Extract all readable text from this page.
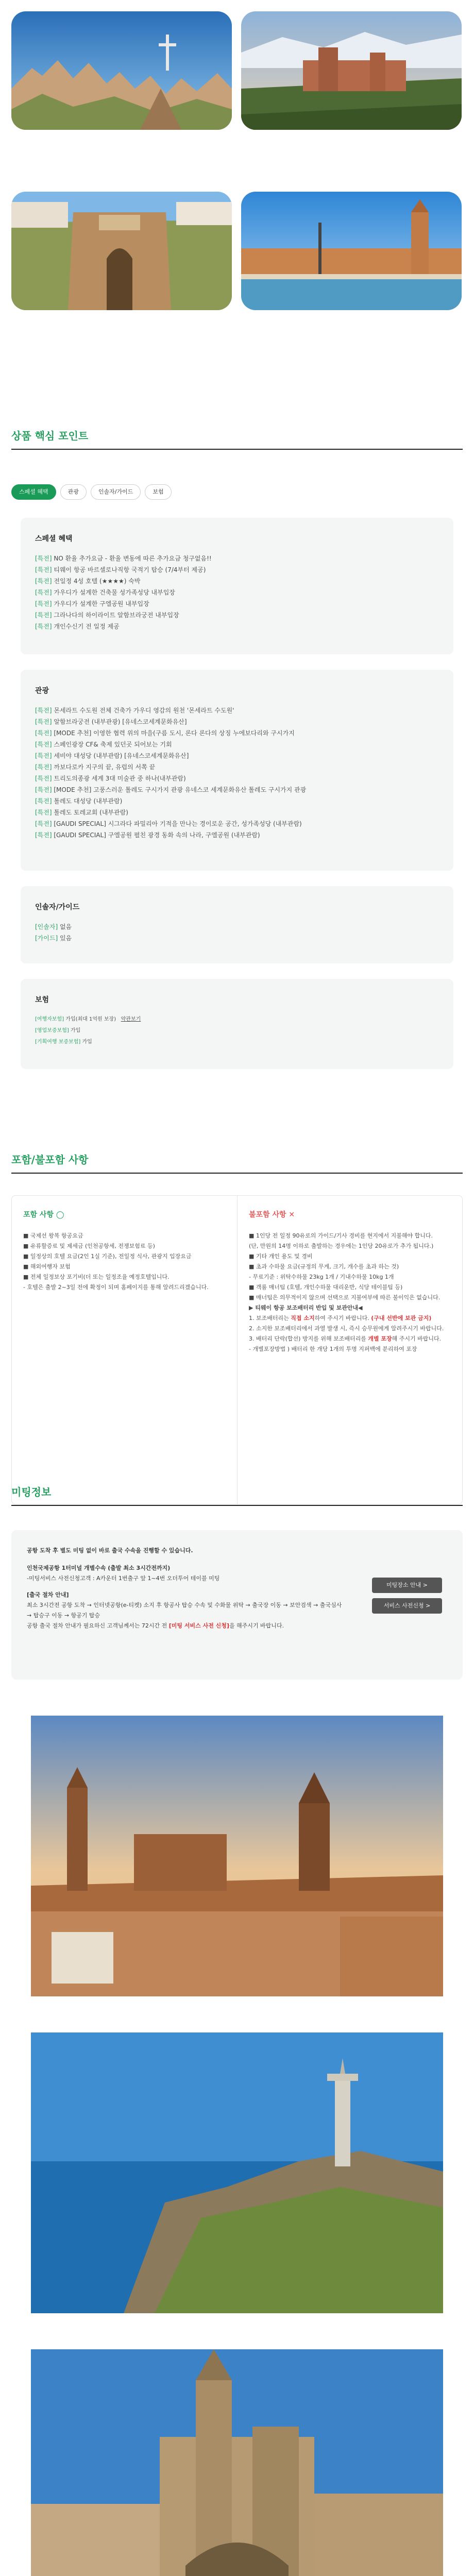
상품 핵심 포인트
스페셜 혜택	관광	인솔자/가이드	보험
스페셜 혜택
[특전] NO 환율 추가요금 - 환율 변동에 따른 추가요금 청구없음!!
[특전] 티웨이 항공 바르셀로나직항 국적기 탑승 (7/4부터 제공)
[특전] 전일정 4성 호텔 (★★★★) 숙박
[특전] 가우디가 설계한 건축물 성가족성당 내부입장
[특전] 가우디가 설계한 구엘공원 내부입장
[특전] 그라나다의 하이라이트 알함브라궁전 내부입장
[특전] 개인수신기 전 일정 제공
관광
[특전] 몬세라트 수도원 전체 건축가 가우디 영감의 원천 '몬세라트 수도원'
[특전] 알함브라궁전 (내부관광) [유네스코세계문화유산]
[특전] [MODE 추천] 이영한 협력 위의 마을(구름 도시, 론다 론다의 상징 누에보다리와 구시가지
[특전] 스페인광장 CF& 축제 있던곳 되어보는 기회
[특전] 세비야 대성당 (내부관람) [유네스코세계문화유산]
[특전] 까보다로카 지구의 끝, 유럽의 서쪽 끝
[특전] 트리도의종광 세계 3대 미술관 중 하나(내부관람)
[특전] [MODE 추천] 고풍스러운 톨레도 구시가지 관광 유네스코 세계문화유산 톨레도 구시가지 관광
[특전] 톨레도 대성당 (내부관람)
[특전] 톨레도 토레교회 (내부관람)
[특전] [GAUDI SPECIAL] 시그라다 파밀리아 기적을 만나는 경이로운 공간, 성가족성당 (내부관람)
[특전] [GAUDI SPECIAL] 구엘공원 펼친 광경 동화 속의 나라, 구엘공원 (내부관람)
인솔자/가이드
[인솔자] 없음
[가이드] 있음
보험
[여행자보험] 가입(최대 1억원 보장) 약관보기
[영업보증보험] 가입
[기획여행 보증보험] 가입
포함/불포함 사항
포함 사항 ◯

■ 국제선 왕복 항공요금

■ 유류할증료 및 제세금 (인천공항세, 전쟁보험료 등)

■ 일정상의 호텔 요금(2인 1실 기준), 전일정 식사, 관광지 입장요금

■ 해외여행자 보험

■ 전체 일정보상 포기비(더 또는 일정조율 예정호텔입니다.

- 호텔은 출발 2~3일 전에 확정이 되며 홈페이지를 통해 알려드리겠습니다.

불포함 사항 ✕

■ 1인당 전 일정 90유로의 가이드/기사 경비를 현지에서 지불해야 합니다.

(단, 만원의 14명 이하로 출발하는 경우에는 1인당 20유로가 추가 됩니다.)

■ 기타 개인 용도 및 경비

■ 초과 수하물 요금(규정의 무게, 크기, 개수를 초과 하는 것)

- 무료기준 : 위탁수하물 23kg 1개 / 기내수하물 10kg 1개

■ 객룸 매너팁 (호텔, 개인수하물 대리운반, 식당 테이블팁 등)

■ 매너팁은 의무적이지 않으며 선택으로 지불여부에 따른 불이익은 없습니다.

▶ 티웨이 항공 보조배터리 반입 및 보관안내◀

1. 보조배터리는 직접 소지하여 주시기 바랍니다. (구내 선반에 보관 금지)

2. 소지한 보조배터리에서 과열 발생 시, 즉시 승무원에게 알려주시기 바랍니다.

3. 배터리 단락(합선) 방지를 위해 보조배터리를 개별 포장해 주시기 바랍니다.

- 개별포장방법 ) 배터리 한 개당 1개의 투명 지퍼백에 분리하여 포장

미팅정보

공항 도착 후 별도 미팅 없이 바로 출국 수속을 진행할 수 있습니다.

인천국제공항 1터미널 개별수속 (출발 최소 3시간전까지)

-미팅서비스 사전신청고객 : A카운터 1번출구 앞 1~4번 오더투어 테이블 미팅

[출국 절차 안내]

최소 3시간전 공항 도착 → 인터넷공항(e-티켓) 소지 후 항공사 탑승 수속 및 수화물 위탁 → 출국장 이동 → 보안검색 → 출국심사 → 탑승구 이동 → 항공기 탑승

공항 출국 절차 안내가 필요하신 고객님께서는 72시간 전 [미팅 서비스 사전 신청]을 해주시기 바랍니다.

미팅장소 안내 >
서비스 사전신청 >
